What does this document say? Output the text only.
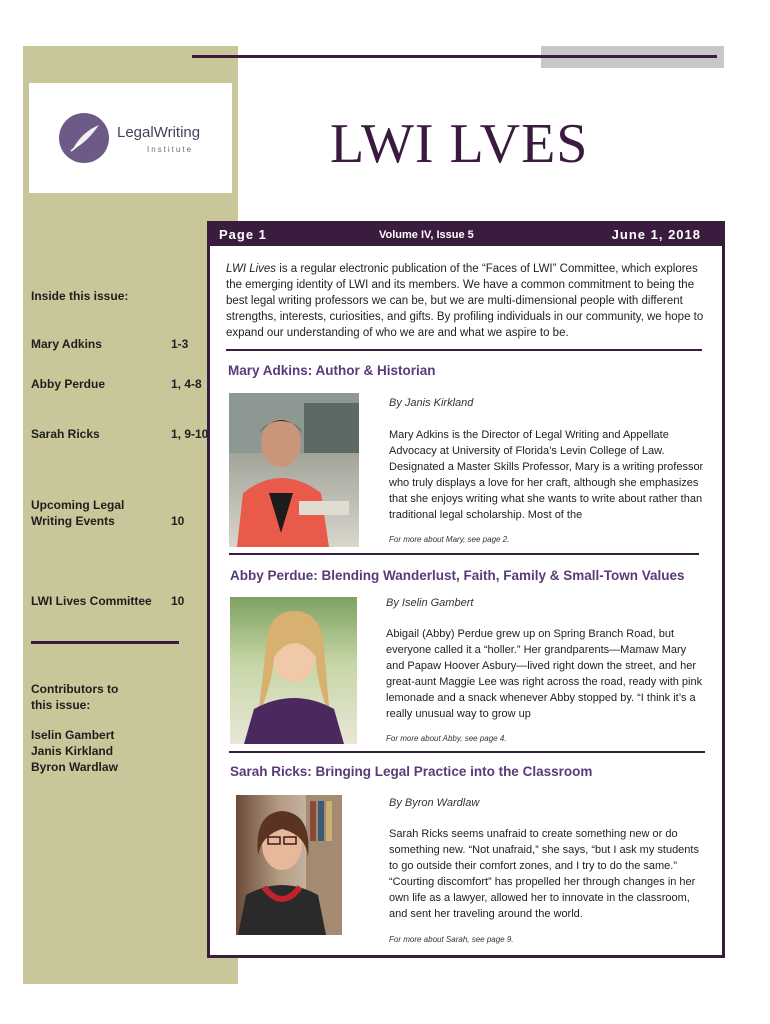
LegalWriting
Institute LWI LVES
Page 1	Volume IV, Issue 5	June 1, 2018
Inside this issue:
Mary Adkins	1-3
Abby Perdue	1, 4-8
Sarah Ricks	1, 9-10
Upcoming Legal
Writing Events	10
LWI Lives Committee 10
Contributors to
this issue:
Iselin Gambert
Janis Kirkland
Byron Wardlaw
LWI Lives is a regular electronic publication of the “Faces of LWI” Committee, which explores the emerging identity of LWI and its members. We have a common commitment to being the best legal writing professors we can be, but we are multi-dimensional people with different strengths, interests, curiosities, and gifts. By profiling individuals in our community, we hope to expand our understanding of who we are and what we aspire to be.
Mary Adkins: Author & Historian
By Janis Kirkland
Mary Adkins is the Director of Legal Writing and Appellate Advocacy at University of Florida’s Levin College of Law. Designated a Master Skills Professor, Mary is a writing professor who truly displays a love for her craft, although she emphasizes that she enjoys writing what she wants to write about rather than traditional legal scholarship. Most of the
For more about Mary, see page 2.
Abby Perdue: Blending Wanderlust, Faith, Family & Small-Town Values
By Iselin Gambert
Abigail (Abby) Perdue grew up on Spring Branch Road, but everyone called it a “holler.” Her grandparents—Mamaw Mary and Papaw Hoover Asbury—lived right down the street, and her great-aunt Maggie Lee was right across the road, ready with pink lemonade and a snack whenever Abby stopped by. “I think it’s a really unusual way to grow up
For more about Abby, see page 4.
Sarah Ricks: Bringing Legal Practice into the Classroom
By Byron Wardlaw
Sarah Ricks seems unafraid to create something new or do something new. “Not unafraid,” she says, “but I ask my students to go outside their comfort zones, and I try to do the same.” “Courting discomfort” has propelled her through changes in her own life as a lawyer, allowed her to innovate in the classroom, and sent her traveling around the world.
For more about Sarah, see page 9.
